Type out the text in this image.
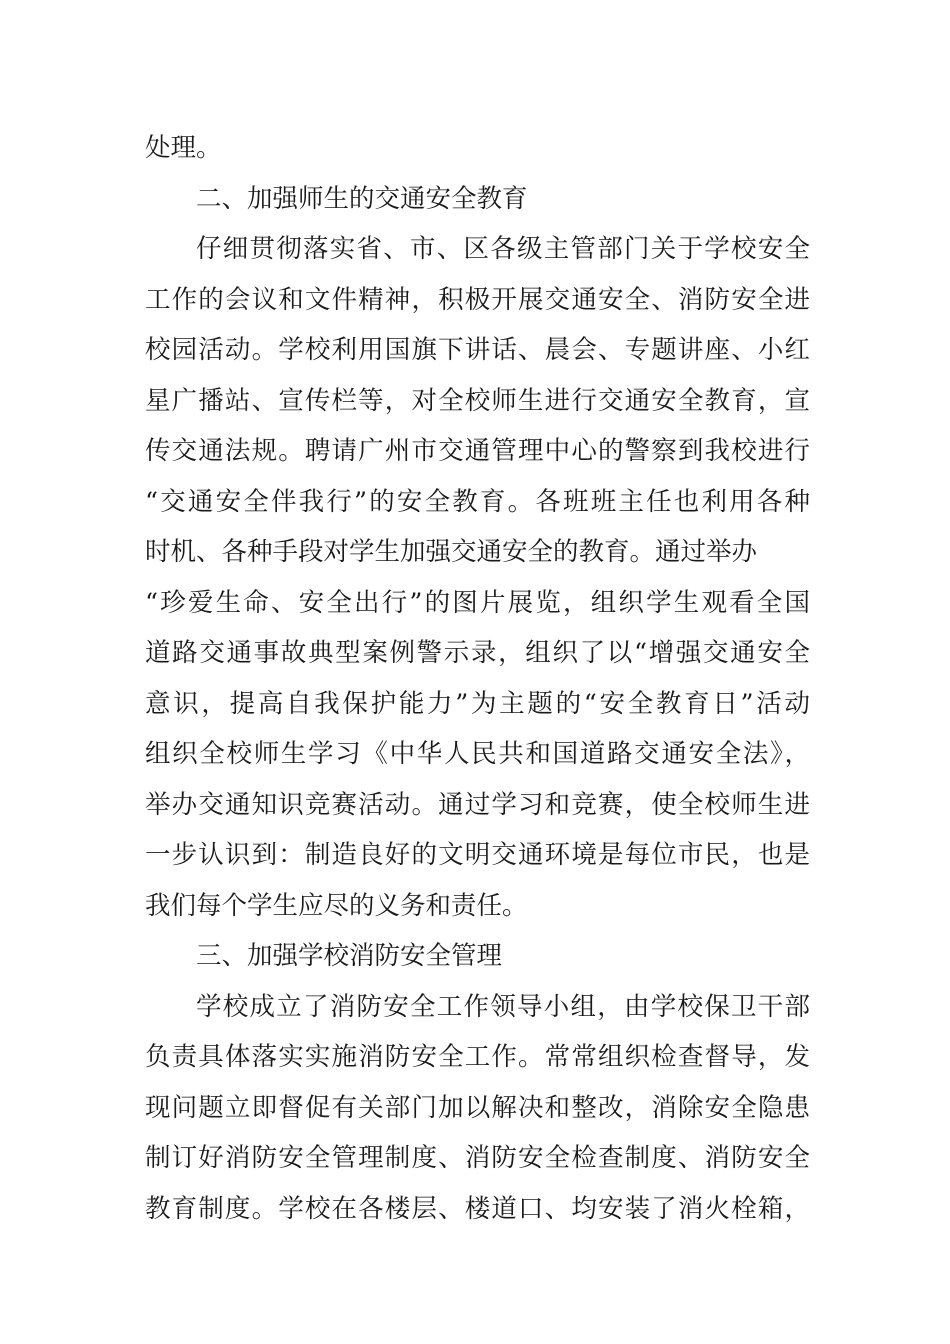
处理。
二、加强师生的交通安全教育
仔细贯彻落实省、市、区各级主管部门关于学校安全
工作的会议和文件精神，积极开展交通安全、消防安全进
校园活动。学校利用国旗下讲话、晨会、专题讲座、小红
星广播站、宣传栏等，对全校师生进行交通安全教育，宣
传交通法规。聘请广州市交通管理中心的警察到我校进行
“交通安全伴我行”的安全教育。各班班主任也利用各种
时机、各种手段对学生加强交通安全的教育。通过举办
“珍爱生命、安全出行”的图片展览，组织学生观看全国
道路交通事故典型案例警示录，组织了以“增强交通安全
意识，提高自我保护能力”为主题的“安全教育日”活动
组织全校师生学习《中华人民共和国道路交通安全法》，
举办交通知识竞赛活动。通过学习和竞赛，使全校师生进
一步认识到：制造良好的文明交通环境是每位市民，也是
我们每个学生应尽的义务和责任。
三、加强学校消防安全管理
学校成立了消防安全工作领导小组，由学校保卫干部
负责具体落实实施消防安全工作。常常组织检查督导，发
现问题立即督促有关部门加以解决和整改，消除安全隐患
制订好消防安全管理制度、消防安全检查制度、消防安全
教育制度。学校在各楼层、楼道口、均安装了消火栓箱，
